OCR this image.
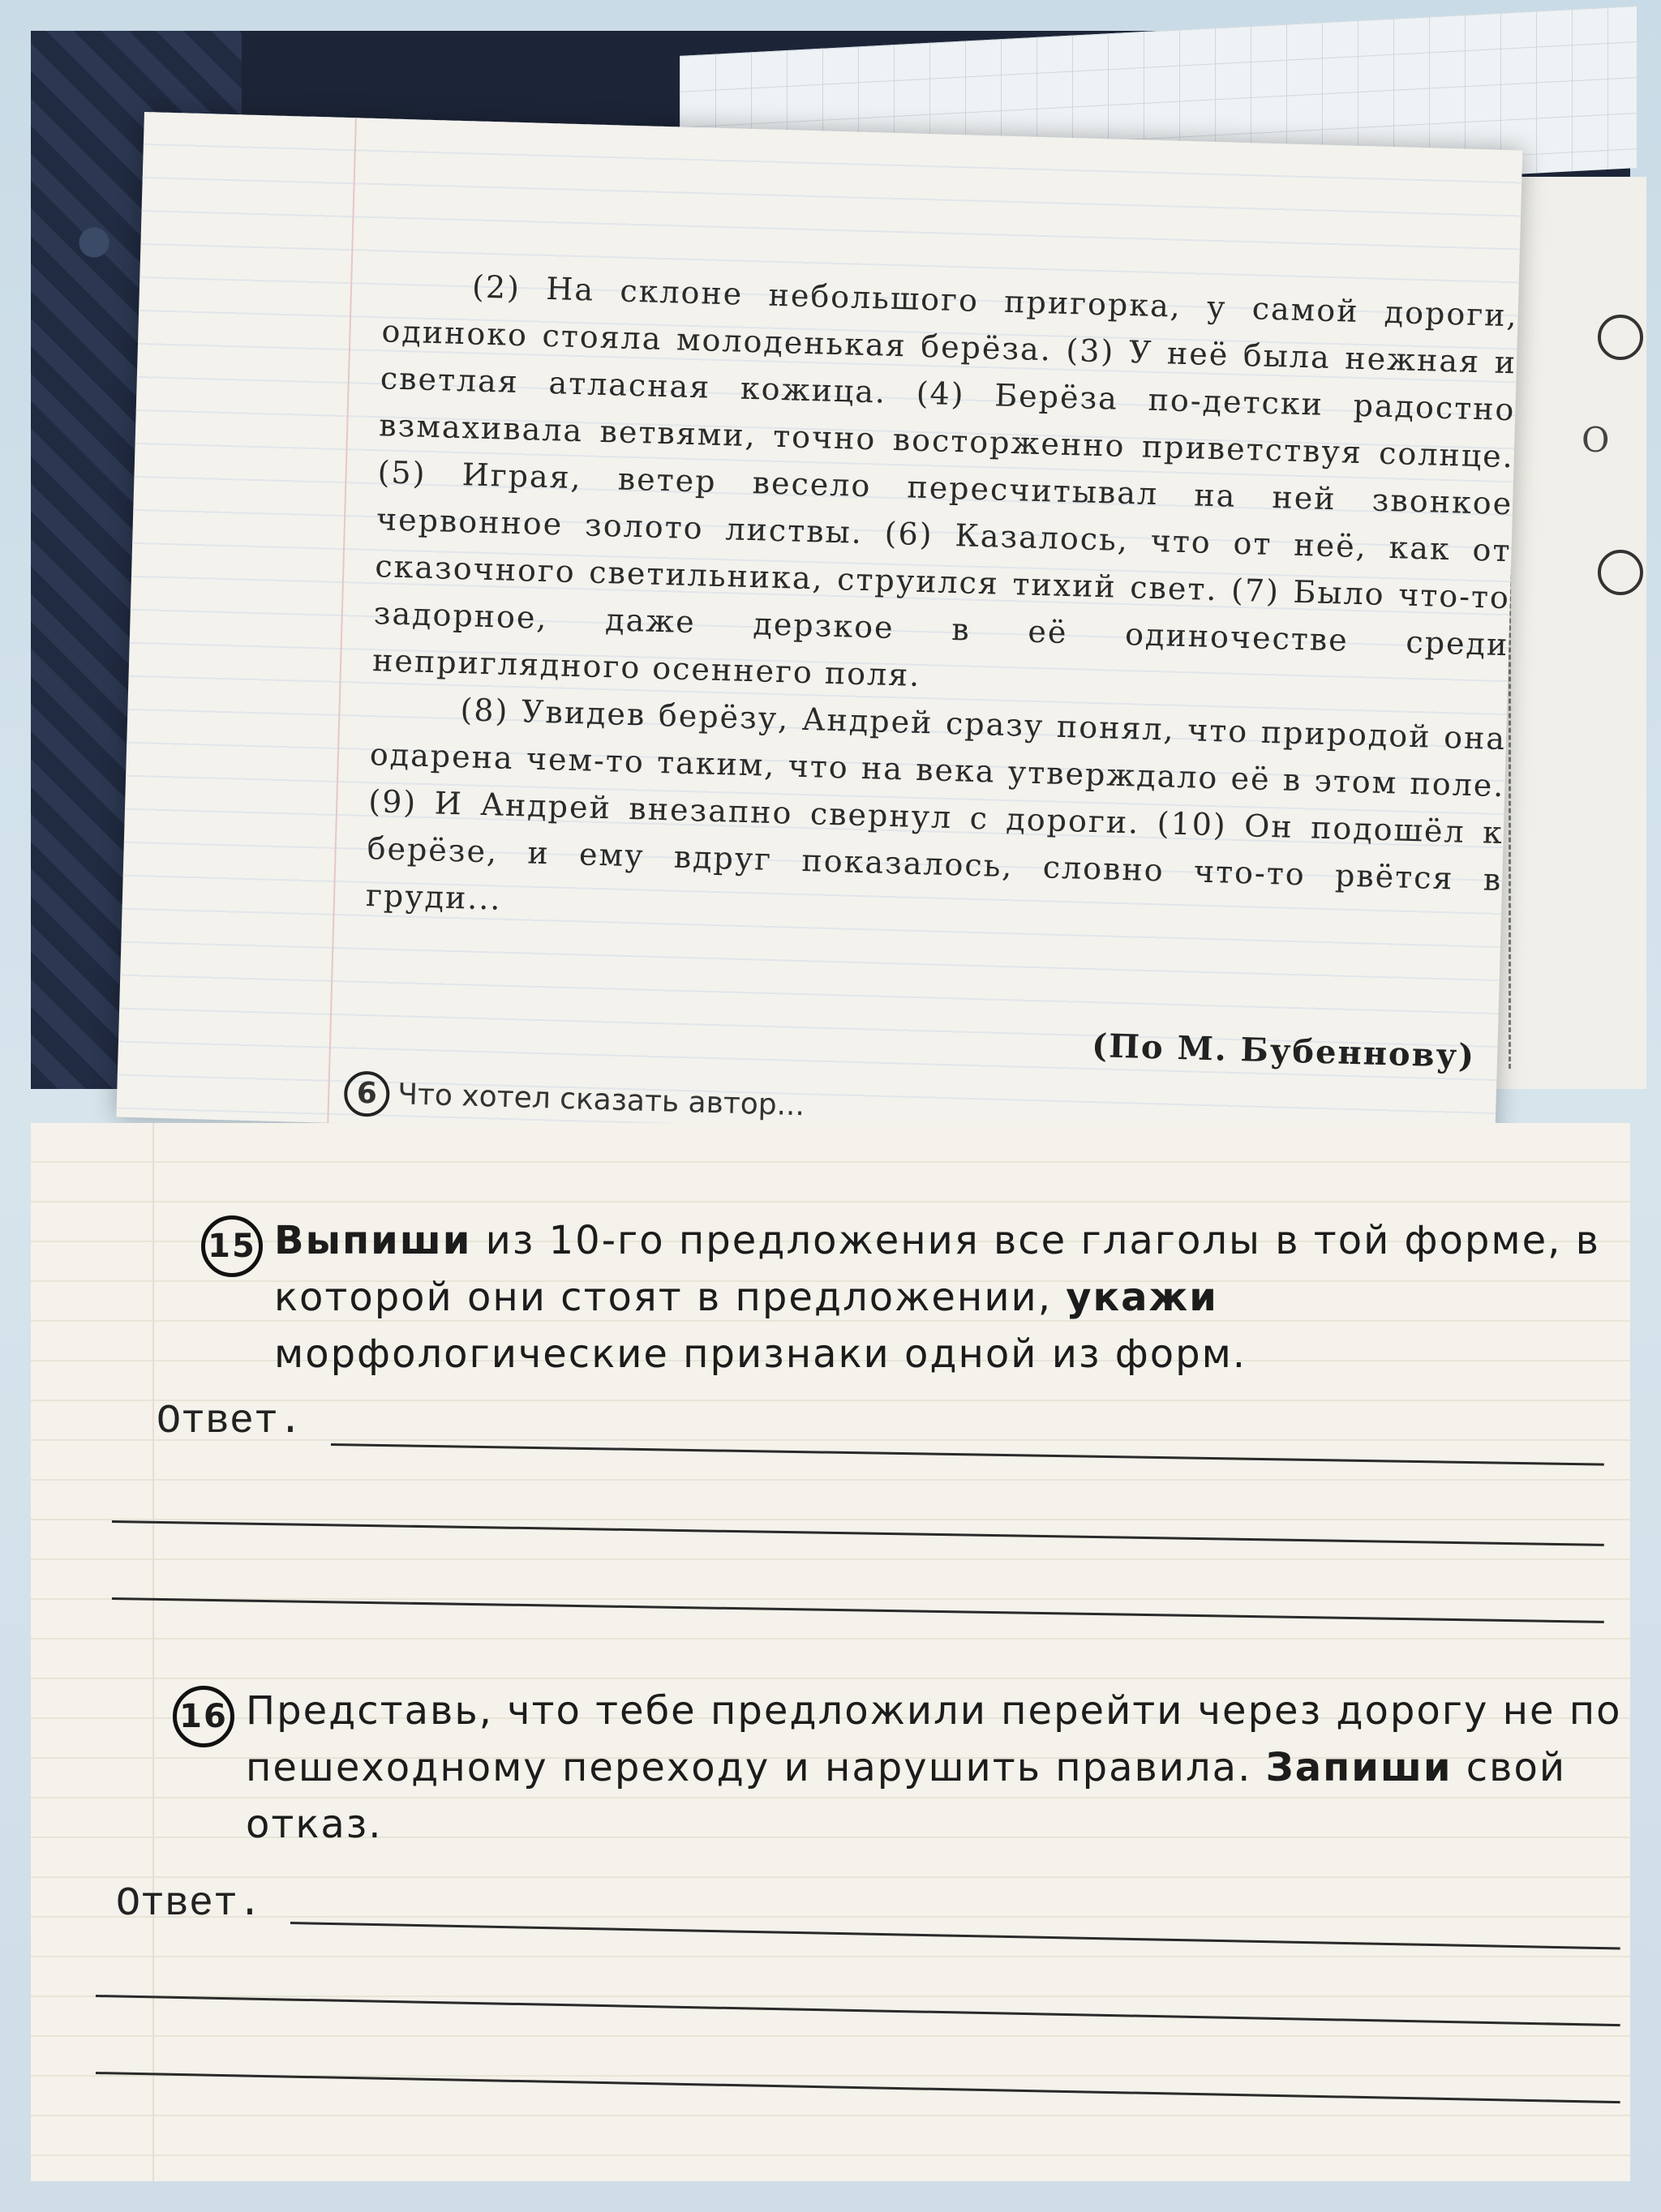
О

(2) На склоне небольшого пригорка, у самой дороги, одиноко стояла молоденькая берёза. (3) У неё была нежная и светлая атласная кожица. (4) Берёза по-детски радостно взмахивала ветвями, точно восторженно приветствуя солнце. (5) Играя, ветер весело пересчитывал на ней звонкое червонное золото листвы. (6) Казалось, что от неё, как от сказочного светильника, струился тихий свет. (7) Было что-то задорное, даже дерзкое в её одиночестве среди неприглядного осеннего поля.

(8) Увидев берёзу, Андрей сразу понял, что природой она одарена чем-то таким, что на века утверждало её в этом поле. (9) И Андрей внезапно свернул с дороги. (10) Он подошёл к берёзе, и ему вдруг показалось, словно что-то рвётся в груди...

(По М. Бубеннову)
6 Что хотел сказать автор...
15 Выпиши из 10-го предложения все глаголы в той форме, в которой они стоят в предложении, укажи морфологические признаки одной из форм.
Ответ.
16 Представь, что тебе предложили перейти через дорогу не по пешеходному переходу и нарушить правила. Запиши свой отказ.
Ответ.
